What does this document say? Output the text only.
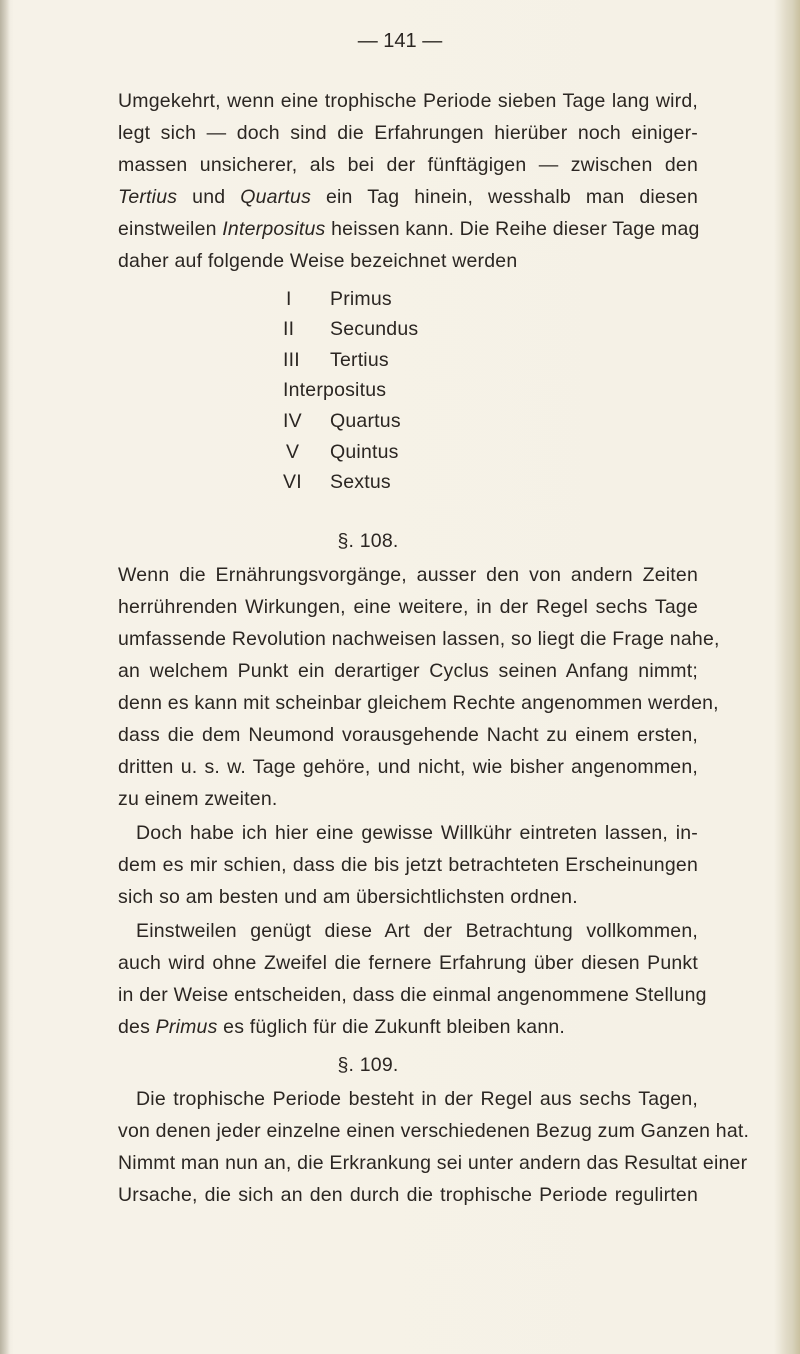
— 141 —
Umgekehrt, wenn eine trophische Periode sieben Tage lang wird,
legt sich — doch sind die Erfahrungen hierüber noch einiger-
massen unsicherer, als bei der fünftägigen — zwischen den
Tertius und Quartus ein Tag hinein, wesshalb man diesen
einstweilen Interpositus heissen kann. Die Reihe dieser Tage mag
daher auf folgende Weise bezeichnet werden
I	Primus
II	Secundus
III	Tertius
Interpositus
IV	Quartus
V	Quintus
VI	Sextus
§. 108.
Wenn die Ernährungsvorgänge, ausser den von andern Zeiten
herrührenden Wirkungen, eine weitere, in der Regel sechs Tage
umfassende Revolution nachweisen lassen, so liegt die Frage nahe,
an welchem Punkt ein derartiger Cyclus seinen Anfang nimmt;
denn es kann mit scheinbar gleichem Rechte angenommen werden,
dass die dem Neumond vorausgehende Nacht zu einem ersten,
dritten u. s. w. Tage gehöre, und nicht, wie bisher angenommen,
zu einem zweiten.
Doch habe ich hier eine gewisse Willkühr eintreten lassen, in-
dem es mir schien, dass die bis jetzt betrachteten Erscheinungen
sich so am besten und am übersichtlichsten ordnen.
Einstweilen genügt diese Art der Betrachtung vollkommen,
auch wird ohne Zweifel die fernere Erfahrung über diesen Punkt
in der Weise entscheiden, dass die einmal angenommene Stellung
des Primus es füglich für die Zukunft bleiben kann.
§. 109.
Die trophische Periode besteht in der Regel aus sechs Tagen,
von denen jeder einzelne einen verschiedenen Bezug zum Ganzen hat.
Nimmt man nun an, die Erkrankung sei unter andern das Resultat einer
Ursache, die sich an den durch die trophische Periode regulirten
